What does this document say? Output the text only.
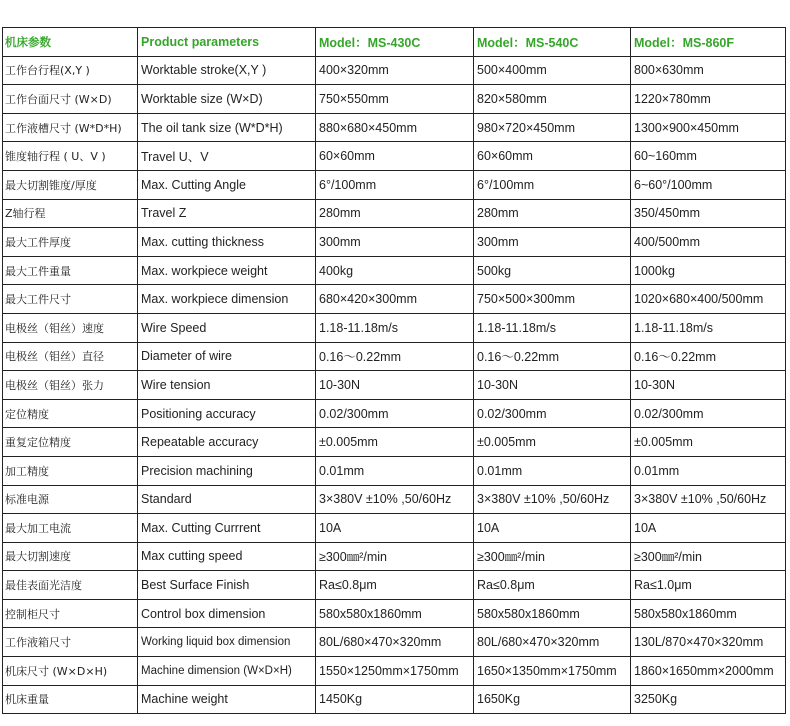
机床参数	Product parameters	Model：MS-430C	Model：MS-540C	Model：MS-860F
工作台行程(X,Y )	Worktable stroke(X,Y )	400×320mm	500×400mm	800×630mm
工作台面尺寸 (W×D)	Worktable size (W×D)	750×550mm	820×580mm	1220×780mm
工作液槽尺寸 (W*D*H)	The oil tank size (W*D*H)	880×680×450mm	980×720×450mm	1300×900×450mm
锥度轴行程 ( U、V )	Travel U、V	60×60mm	60×60mm	60~160mm
最大切割锥度/厚度	Max. Cutting Angle	6°/100mm	6°/100mm	6~60°/100mm
Z轴行程	Travel Z	280mm	280mm	350/450mm
最大工件厚度	Max. cutting thickness	300mm	300mm	400/500mm
最大工件重量	Max. workpiece weight	400kg	500kg	1000kg
最大工件尺寸	Max. workpiece dimension	680×420×300mm	750×500×300mm	1020×680×400/500mm
电极丝（钼丝）速度	Wire Speed	1.18-11.18m/s	1.18-11.18m/s	1.18-11.18m/s
电极丝（钼丝）直径	Diameter of wire	0.16～0.22mm	0.16～0.22mm	0.16～0.22mm
电极丝（钼丝）张力	Wire tension	10-30N	10-30N	10-30N
定位精度	Positioning accuracy	0.02/300mm	0.02/300mm	0.02/300mm
重复定位精度	Repeatable accuracy	±0.005mm	±0.005mm	±0.005mm
加工精度	Precision machining	0.01mm	0.01mm	0.01mm
标准电源	Standard	3×380V ±10% ,50/60Hz	3×380V ±10% ,50/60Hz	3×380V ±10% ,50/60Hz
最大加工电流	Max. Cutting Currrent	10A	10A	10A
最大切割速度	Max cutting speed	≥300㎜²/min	≥300㎜²/min	≥300㎜²/min
最佳表面光洁度	Best Surface Finish	Ra≤0.8μm	Ra≤0.8μm	Ra≤1.0μm
控制柜尺寸	Control box dimension	580x580x1860mm	580x580x1860mm	580x580x1860mm
工作液箱尺寸	Working liquid box dimension	80L/680×470×320mm	80L/680×470×320mm	130L/870×470×320mm
机床尺寸 (W×D×H)	Machine dimension (W×D×H)	1550×1250mm×1750mm	1650×1350mm×1750mm	1860×1650mm×2000mm
机床重量	Machine weight	1450Kg	1650Kg	3250Kg
